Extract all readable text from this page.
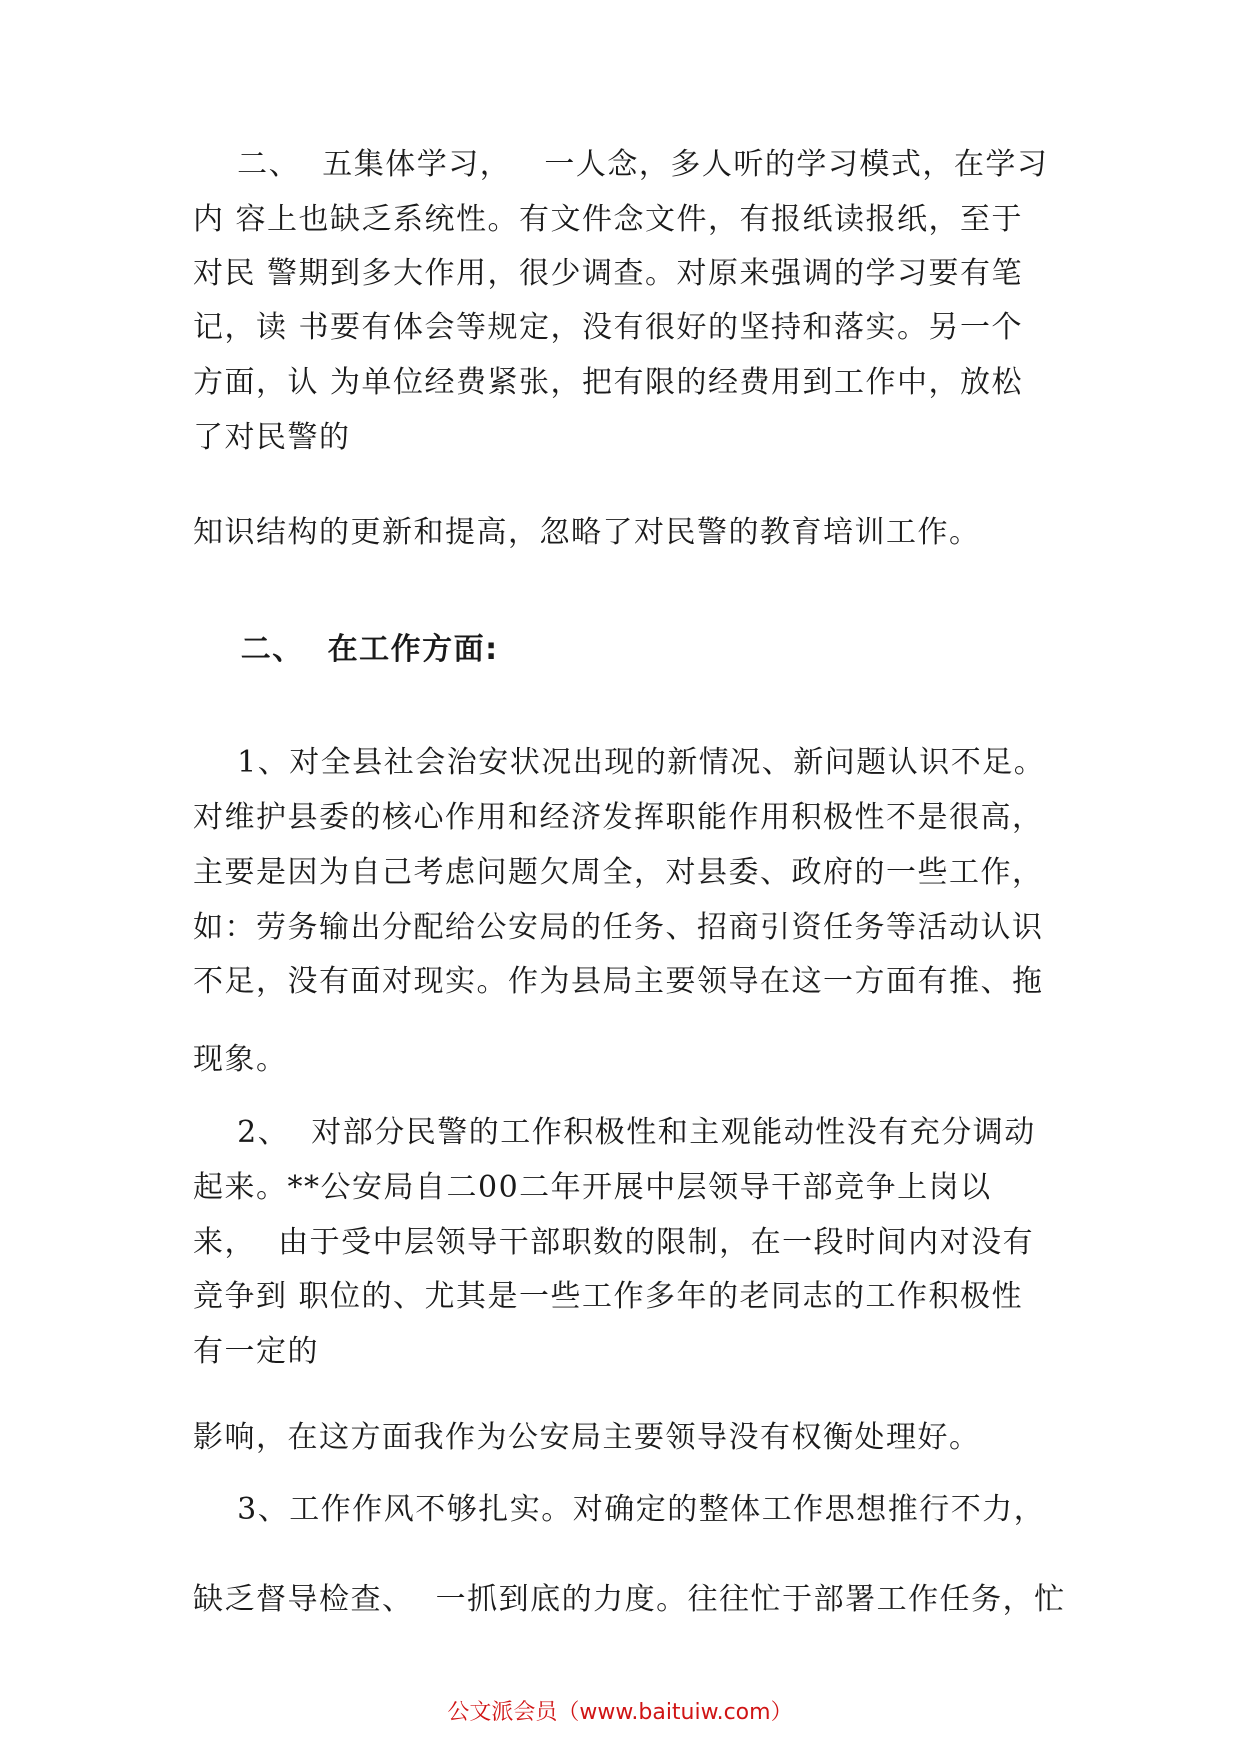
二、  五集体学习，   一人念，多人听的学习模式，在学习
内 容上也缺乏系统性。有文件念文件，有报纸读报纸，至于
对民 警期到多大作用，很少调查。对原来强调的学习要有笔
记，读 书要有体会等规定，没有很好的坚持和落实。另一个
方面，认 为单位经费紧张，把有限的经费用到工作中，放松
了对民警的
知识结构的更新和提高，忽略了对民警的教育培训工作。
二、  在工作方面:
1、对全县社会治安状况出现的新情况、新问题认识不足。
对维护县委的核心作用和经济发挥职能作用积极性不是很高，
主要是因为自己考虑问题欠周全，对县委、政府的一些工作，
如：劳务输出分配给公安局的任务、招商引资任务等活动认识
不足，没有面对现实。作为县局主要领导在这一方面有推、拖
现象。
2、  对部分民警的工作积极性和主观能动性没有充分调动
起来。**公安局自二00二年开展中层领导干部竞争上岗以
来，  由于受中层领导干部职数的限制，在一段时间内对没有
竞争到 职位的、尤其是一些工作多年的老同志的工作积极性
有一定的
影响，在这方面我作为公安局主要领导没有权衡处理好。
3、工作作风不够扎实。对确定的整体工作思想推行不力，
缺乏督导检查、  一抓到底的力度。往往忙于部署工作任务，忙
公文派会员（www.baituiw.com）
